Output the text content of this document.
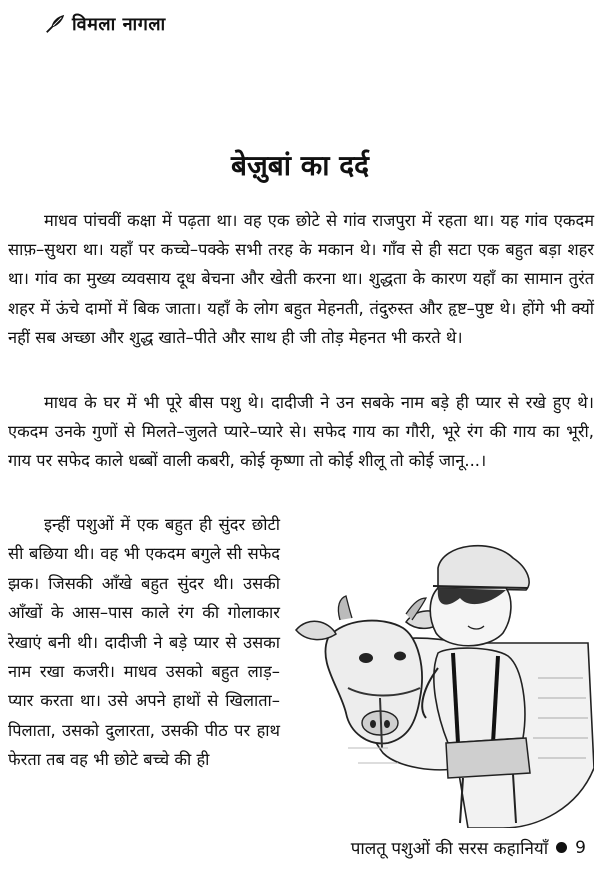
विमला नागला
बेज़ुबां का दर्द

माधव पांचवीं कक्षा में पढ़ता था। वह एक छोटे से गांव राजपुरा में रहता था। यह गांव एकदम साफ़–सुथरा था। यहाँ पर कच्चे–पक्के सभी तरह के मकान थे। गाँव से ही सटा एक बहुत बड़ा शहर था। गांव का मुख्य व्यवसाय दूध बेचना और खेती करना था। शुद्धता के कारण यहाँ का सामान तुरंत शहर में ऊंचे दामों में बिक जाता। यहाँ के लोग बहुत मेहनती, तंदुरुस्त और हृष्ट–पुष्ट थे। होंगे भी क्यों नहीं सब अच्छा और शुद्ध खाते–पीते और साथ ही जी तोड़ मेहनत भी करते थे।

माधव के घर में भी पूरे बीस पशु थे। दादीजी ने उन सबके नाम बड़े ही प्यार से रखे हुए थे। एकदम उनके गुणों से मिलते–जुलते प्यारे–प्यारे से। सफेद गाय का गौरी, भूरे रंग की गाय का भूरी, गाय पर सफेद काले धब्बों वाली कबरी, कोई कृष्णा तो कोई शीलू तो कोई जानू...।

इन्हीं पशुओं में एक बहुत ही सुंदर छोटी सी बछिया थी। वह भी एकदम बगुले सी सफेद झक। जिसकी आँखे बहुत सुंदर थी। उसकी आँखों के आस–पास काले रंग की गोलाकार रेखाएं बनी थी। दादीजी ने बड़े प्यार से उसका नाम रखा कजरी। माधव उसको बहुत लाड़–प्यार करता था। उसे अपने हाथों से खिलाता–पिलाता, उसको दुलारता, उसकी पीठ पर हाथ फेरता तब वह भी छोटे बच्चे की ही

पालतू पशुओं की सरस कहानियाँ 9
